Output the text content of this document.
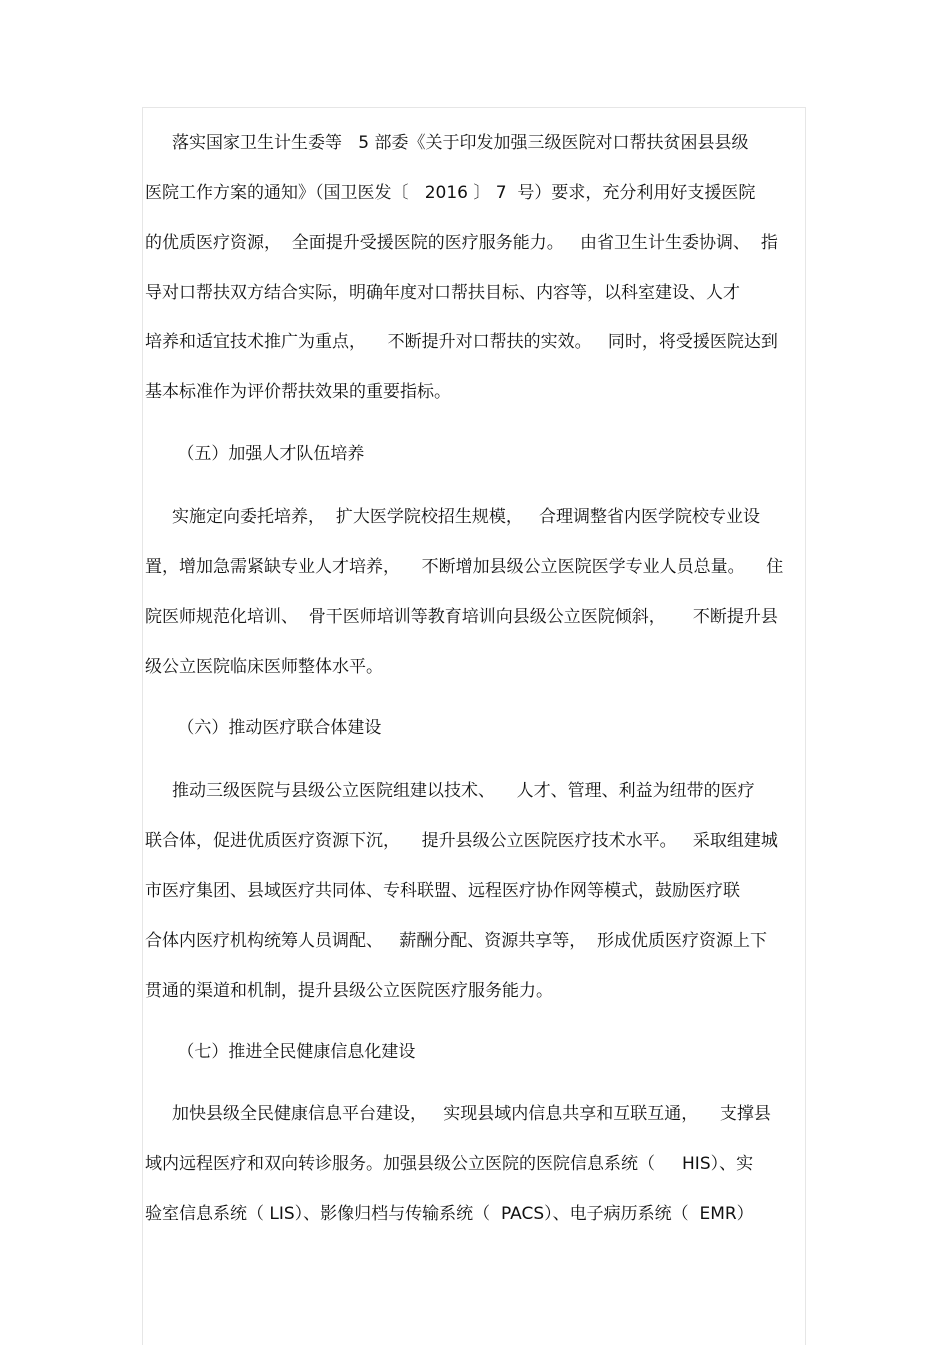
落实国家卫生计生委等   5 部委《关于印发加强三级医院对口帮扶贫困县县级
医院工作方案的通知》（国卫医发〔   2016 〕 7  号）要求，充分利用好支援医院
的优质医疗资源，  全面提升受援医院的医疗服务能力。   由省卫生计生委协调、  指
导对口帮扶双方结合实际，明确年度对口帮扶目标、内容等，以科室建设、人才
培养和适宜技术推广为重点，    不断提升对口帮扶的实效。   同时，将受援医院达到
基本标准作为评价帮扶效果的重要指标。
（五）加强人才队伍培养
实施定向委托培养，  扩大医学院校招生规模，   合理调整省内医学院校专业设
置，增加急需紧缺专业人才培养，    不断增加县级公立医院医学专业人员总量。    住
院医师规范化培训、  骨干医师培训等教育培训向县级公立医院倾斜，     不断提升县
级公立医院临床医师整体水平。
（六）推动医疗联合体建设
推动三级医院与县级公立医院组建以技术、    人才、管理、利益为纽带的医疗
联合体，促进优质医疗资源下沉，    提升县级公立医院医疗技术水平。   采取组建城
市医疗集团、县域医疗共同体、专科联盟、远程医疗协作网等模式，鼓励医疗联
合体内医疗机构统筹人员调配、   薪酬分配、资源共享等，  形成优质医疗资源上下
贯通的渠道和机制，提升县级公立医院医疗服务能力。
（七）推进全民健康信息化建设
加快县级全民健康信息平台建设，   实现县域内信息共享和互联互通，    支撑县
域内远程医疗和双向转诊服务。加强县级公立医院的医院信息系统（     HIS）、实
验室信息系统（ LIS）、影像归档与传输系统（  PACS）、电子病历系统（  EMR）
